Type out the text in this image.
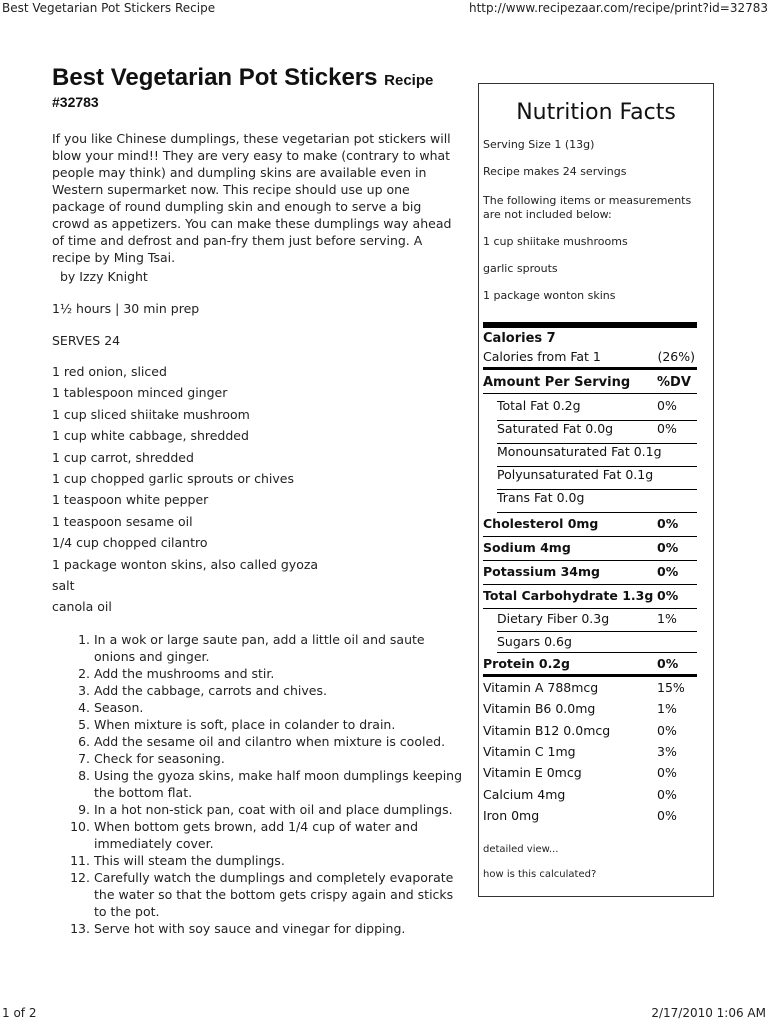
Best Vegetarian Pot Stickers Recipe	http://www.recipezaar.com/recipe/print?id=32783
Best Vegetarian Pot Stickers Recipe
#32783
If you like Chinese dumplings, these vegetarian pot stickers will blow your mind!! They are very easy to make (contrary to what people may think) and dumpling skins are available even in Western supermarket now. This recipe should use up one package of round dumpling skin and enough to serve a big crowd as appetizers. You can make these dumplings way ahead of time and defrost and pan-fry them just before serving. A recipe by Ming Tsai.
by Izzy Knight
1½ hours | 30 min prep
SERVES 24
1 red onion, sliced
1 tablespoon minced ginger
1 cup sliced shiitake mushroom
1 cup white cabbage, shredded
1 cup carrot, shredded
1 cup chopped garlic sprouts or chives
1 teaspoon white pepper
1 teaspoon sesame oil
1/4 cup chopped cilantro
1 package wonton skins, also called gyoza
salt
canola oil
1. In a wok or large saute pan, add a little oil and saute onions and ginger.
2. Add the mushrooms and stir.
3. Add the cabbage, carrots and chives.
4. Season.
5. When mixture is soft, place in colander to drain.
6. Add the sesame oil and cilantro when mixture is cooled.
7. Check for seasoning.
8. Using the gyoza skins, make half moon dumplings keeping the bottom flat.
9. In a hot non-stick pan, coat with oil and place dumplings.
10. When bottom gets brown, add 1/4 cup of water and immediately cover.
11. This will steam the dumplings.
12. Carefully watch the dumplings and completely evaporate the water so that the bottom gets crispy again and sticks to the pot.
13. Serve hot with soy sauce and vinegar for dipping.
Nutrition Facts
Serving Size 1 (13g)
Recipe makes 24 servings
The following items or measurements are not included below:
1 cup shiitake mushrooms
garlic sprouts
1 package wonton skins
Calories 7
Calories from Fat 1	(26%)
Amount Per Serving %DV
Total Fat 0.2g	0%
Saturated Fat 0.0g	0%
Monounsaturated Fat 0.1g
Polyunsaturated Fat 0.1g
Trans Fat 0.0g
Cholesterol 0mg	0%
Sodium 4mg	0%
Potassium 34mg	0%
Total Carbohydrate 1.3g 0%
Dietary Fiber 0.3g	1%
Sugars 0.6g
Protein 0.2g	0%
Vitamin A 788mcg	15%
Vitamin B6 0.0mg	1%
Vitamin B12 0.0mcg	0%
Vitamin C 1mg	3%
Vitamin E 0mcg	0%
Calcium 4mg	0%
Iron 0mg	0%
detailed view...
how is this calculated?
1 of 2	2/17/2010 1:06 AM
